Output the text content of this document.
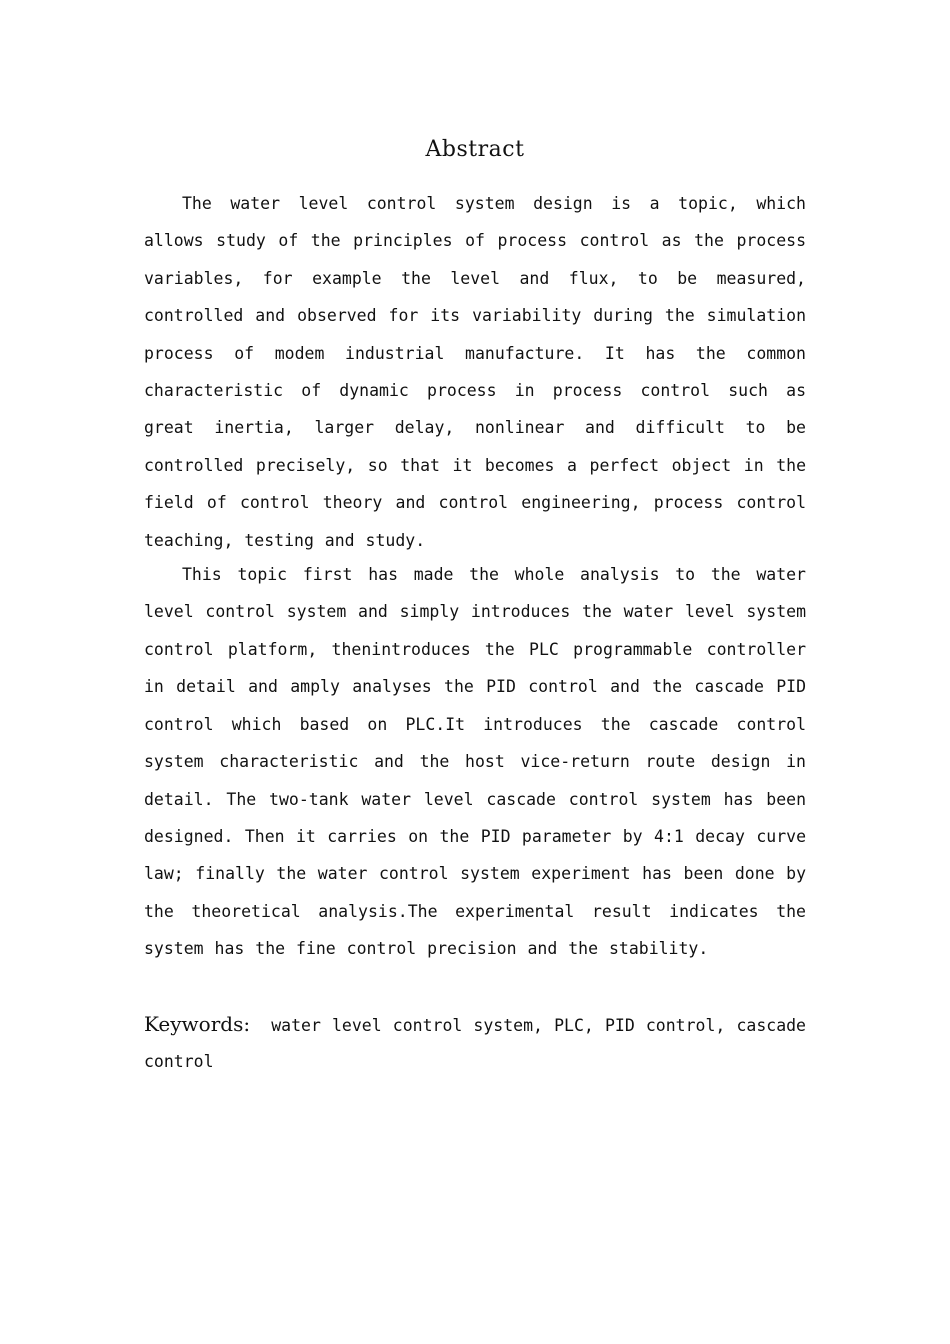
Abstract

The water level control system design is a topic, which allows study of the principles of process control as the process variables, for example the level and flux, to be measured, controlled and observed for its variability during the simulation process of modem industrial manufacture. It has the common characteristic of dynamic process in process control such as great inertia, larger delay, nonlinear and difficult to be controlled precisely, so that it becomes a perfect object in the field of control theory and control engineering, process control teaching, testing and study.

This topic first has made the whole analysis to the water level control system and simply introduces the water level system control platform, thenintroduces the PLC programmable controller in detail and amply analyses the PID control and the cascade PID control which based on PLC.It introduces the cascade control system characteristic and the host vice-return route design in detail. The two-tank water level cascade control system has been designed. Then it carries on the PID parameter by 4:1 decay curve law; finally the water control system experiment has been done by the theoretical analysis.The experimental result indicates the system has the fine control precision and the stability.

Keywords: water level control system, PLC, PID control, cascade control
